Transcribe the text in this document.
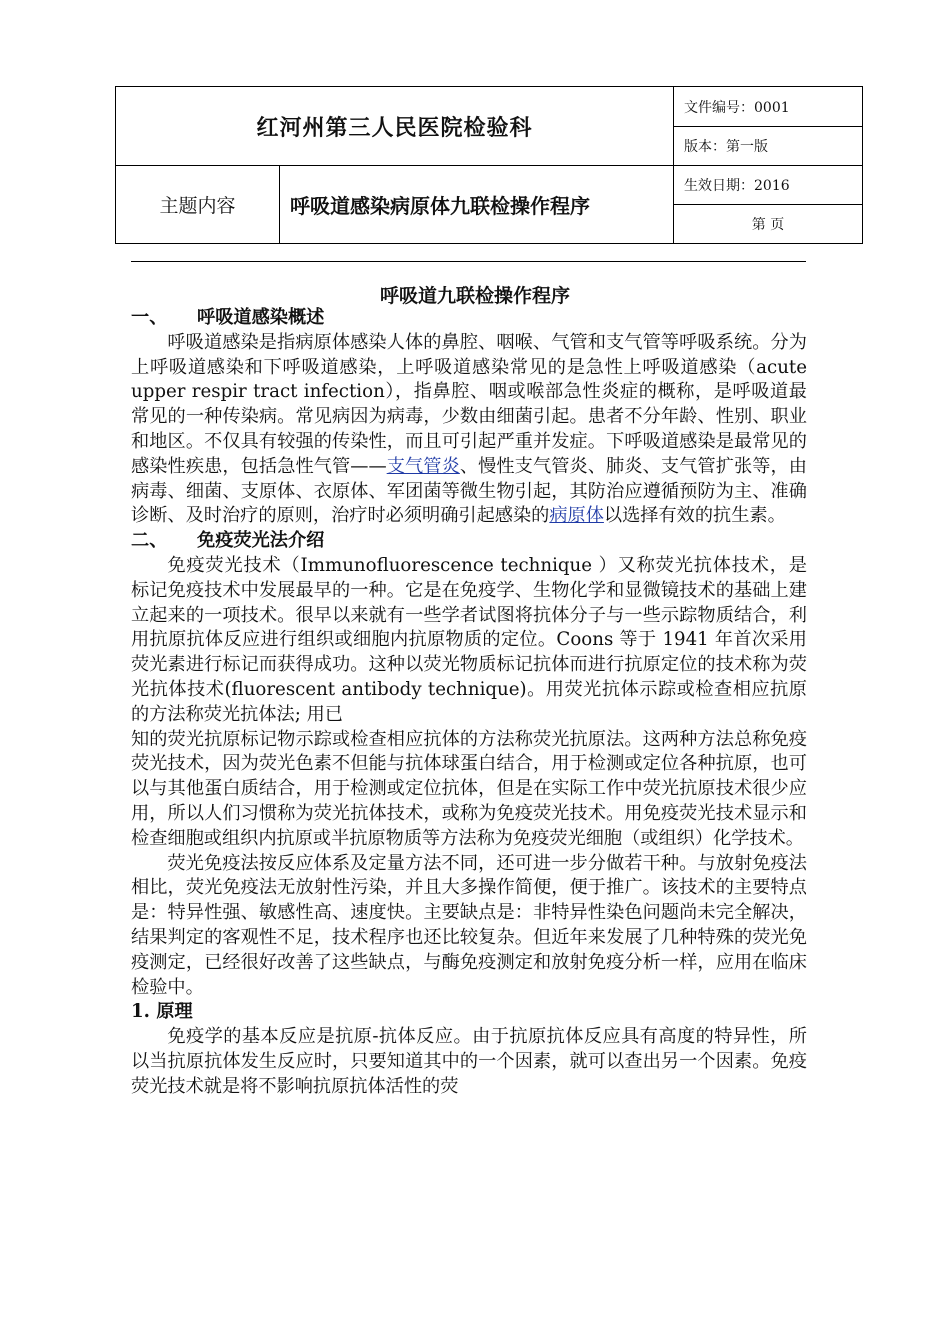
红河州第三人民医院检验科		文件编号：0001
		版本：第一版
主题内容	呼吸道感染病原体九联检操作程序	生效日期：2016
		第 页
呼吸道九联检操作程序

一、 呼吸道感染概述

呼吸道感染是指病原体感染人体的鼻腔、咽喉、气管和支气管等呼吸系统。分为上呼吸道感染和下呼吸道感染，上呼吸道感染常见的是急性上呼吸道感染（acute upper respir tract infection），指鼻腔、咽或喉部急性炎症的概称，是呼吸道最常见的一种传染病。常见病因为病毒，少数由细菌引起。患者不分年龄、性别、职业和地区。不仅具有较强的传染性，而且可引起严重并发症。下呼吸道感染是最常见的感染性疾患，包括急性气管——支气管炎、慢性支气管炎、肺炎、支气管扩张等，由病毒、细菌、支原体、衣原体、军团菌等微生物引起，其防治应遵循预防为主、准确诊断、及时治疗的原则，治疗时必须明确引起感染的病原体以选择有效的抗生素。

二、 免疫荧光法介绍

免疫荧光技术（Immunofluorescence technique ）又称荧光抗体技术，是标记免疫技术中发展最早的一种。它是在免疫学、生物化学和显微镜技术的基础上建立起来的一项技术。很早以来就有一些学者试图将抗体分子与一些示踪物质结合，利用抗原抗体反应进行组织或细胞内抗原物质的定位。Coons 等于 1941 年首次采用荧光素进行标记而获得成功。这种以荧光物质标记抗体而进行抗原定位的技术称为荧光抗体技术(fluorescent antibody technique)。用荧光抗体示踪或检查相应抗原的方法称荧光抗体法; 用已

知的荧光抗原标记物示踪或检查相应抗体的方法称荧光抗原法。这两种方法总称免疫荧光技术，因为荧光色素不但能与抗体球蛋白结合，用于检测或定位各种抗原，也可以与其他蛋白质结合，用于检测或定位抗体，但是在实际工作中荧光抗原技术很少应用，所以人们习惯称为荧光抗体技术，或称为免疫荧光技术。用免疫荧光技术显示和检查细胞或组织内抗原或半抗原物质等方法称为免疫荧光细胞（或组织）化学技术。

荧光免疫法按反应体系及定量方法不同，还可进一步分做若干种。与放射免疫法相比，荧光免疫法无放射性污染，并且大多操作简便，便于推广。该技术的主要特点是：特异性强、敏感性高、速度快。主要缺点是：非特异性染色问题尚未完全解决，结果判定的客观性不足，技术程序也还比较复杂。但近年来发展了几种特殊的荧光免疫测定，已经很好改善了这些缺点，与酶免疫测定和放射免疫分析一样，应用在临床检验中。

1. 原理

免疫学的基本反应是抗原-抗体反应。由于抗原抗体反应具有高度的特异性，所以当抗原抗体发生反应时，只要知道其中的一个因素，就可以查出另一个因素。免疫荧光技术就是将不影响抗原抗体活性的荧
